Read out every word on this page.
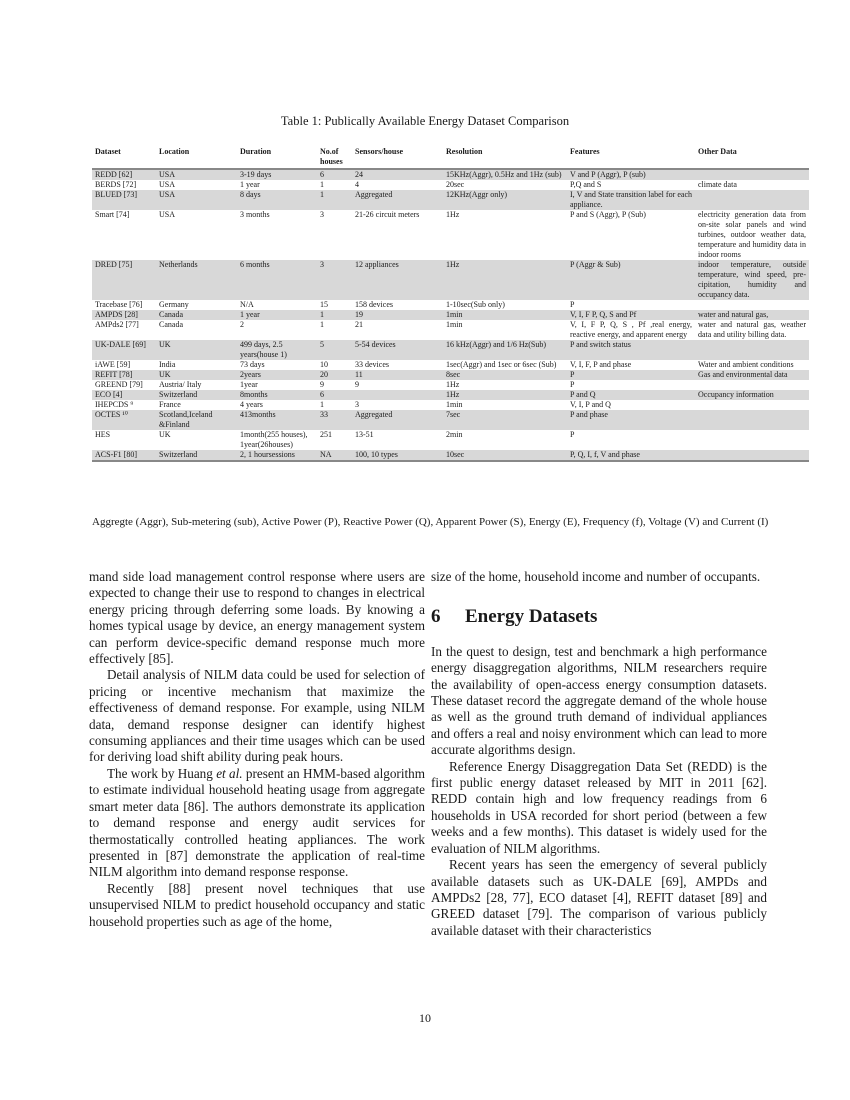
Table 1: Publically Available Energy Dataset Comparison
Dataset	Location	Duration	No.of houses	Sensors/house	Resolution	Features	Other Data
REDD [62]	USA	3-19 days	6	24	15KHz(Aggr), 0.5Hz and 1Hz (sub)	V and P (Aggr), P (sub)	
BERDS [72]	USA	1 year	1	4	20sec	P,Q and S	climate data
BLUED [73]	USA	8 days	1	Aggregated	12KHz(Aggr only)	I, V and State transition label for each appliance.	
Smart [74]	USA	3 months	3	21-26 circuit meters	1Hz	P and S (Aggr), P (Sub)	electricity generation data from on-site solar panels and wind turbines, outdoor weather data, temperature and humidity data in indoor rooms
DRED [75]	Netherlands	6 months	3	12 appliances	1Hz	P (Aggr & Sub)	indoor temperature, outside temperature, wind speed, pre-cipitation, humidity and occupancy data.
Tracebase [76]	Germany	N/A	15	158 devices	1-10sec(Sub only)	P	
AMPDS [28]	Canada	1 year	1	19	1min	V, I, F P, Q, S and Pf	water and natural gas,
AMPds2 [77]	Canada	2	1	21	1min	V, I, F P, Q, S , Pf ,real energy, reactive energy, and apparent energy	water and natural gas, weather data and utility billing data.
UK-DALE [69]	UK	499 days, 2.5 years(house 1)	5	5-54 devices	16 kHz(Aggr) and 1/6 Hz(Sub)	P and switch status	
iAWE [59]	India	73 days	10	33 devices	1sec(Aggr) and 1sec or 6sec (Sub)	V, I, F, P and phase	Water and ambient conditions
REFIT [78]	UK	2years	20	11	8sec	P	Gas and environmental data
GREEND [79]	Austria/ Italy	1year	9	9	1Hz	P	
ECO [4]	Switzerland	8months	6		1Hz	P and Q	Occupancy information
IHEPCDS ⁹	France	4 years	1	3	1min	V, I, P and Q	
OCTES ¹⁰	Scotland,Iceland &Finland	413months	33	Aggregated	7sec	P and phase	
HES	UK	1month(255 houses), 1year(26houses)	251	13-51	2min	P	
ACS-F1 [80]	Switzerland	2, 1 hoursessions	NA	100, 10 types	10sec	P, Q, I, f, V and phase	
Aggregte (Aggr), Sub-metering (sub), Active Power (P), Reactive Power (Q), Apparent Power (S), Energy (E), Frequency (f), Voltage (V) and Current (I)

mand side load management control response where users are expected to change their use to respond to changes in electrical energy pricing through deferring some loads. By knowing a homes typical usage by device, an energy management system can perform device-specific demand response much more effectively [85].

Detail analysis of NILM data could be used for selection of pricing or incentive mechanism that maximize the effectiveness of demand response. For example, using NILM data, demand response designer can identify highest consuming appliances and their time usages which can be used for deriving load shift ability during peak hours.

The work by Huang et al. present an HMM-based algorithm to estimate individual household heating usage from aggregate smart meter data [86]. The authors demonstrate its application to demand response and energy audit services for thermostatically controlled heating appliances. The work presented in [87] demonstrate the application of real-time NILM algorithm into demand response response.

Recently [88] present novel techniques that use unsupervised NILM to predict household occupancy and static household properties such as age of the home,

size of the home, household income and number of occupants.

6 Energy Datasets

In the quest to design, test and benchmark a high performance energy disaggregation algorithms, NILM researchers require the availability of open-access energy consumption datasets. These dataset record the aggregate demand of the whole house as well as the ground truth demand of individual appliances and offers a real and noisy environment which can lead to more accurate algorithms design.

Reference Energy Disaggregation Data Set (REDD) is the first public energy dataset released by MIT in 2011 [62]. REDD contain high and low frequency readings from 6 households in USA recorded for short period (between a few weeks and a few months). This dataset is widely used for the evaluation of NILM algorithms.

Recent years has seen the emergency of several publicly available datasets such as UK-DALE [69], AMPDs and AMPDs2 [28, 77], ECO dataset [4], REFIT dataset [89] and GREED dataset [79]. The comparison of various publicly available dataset with their characteristics

10
